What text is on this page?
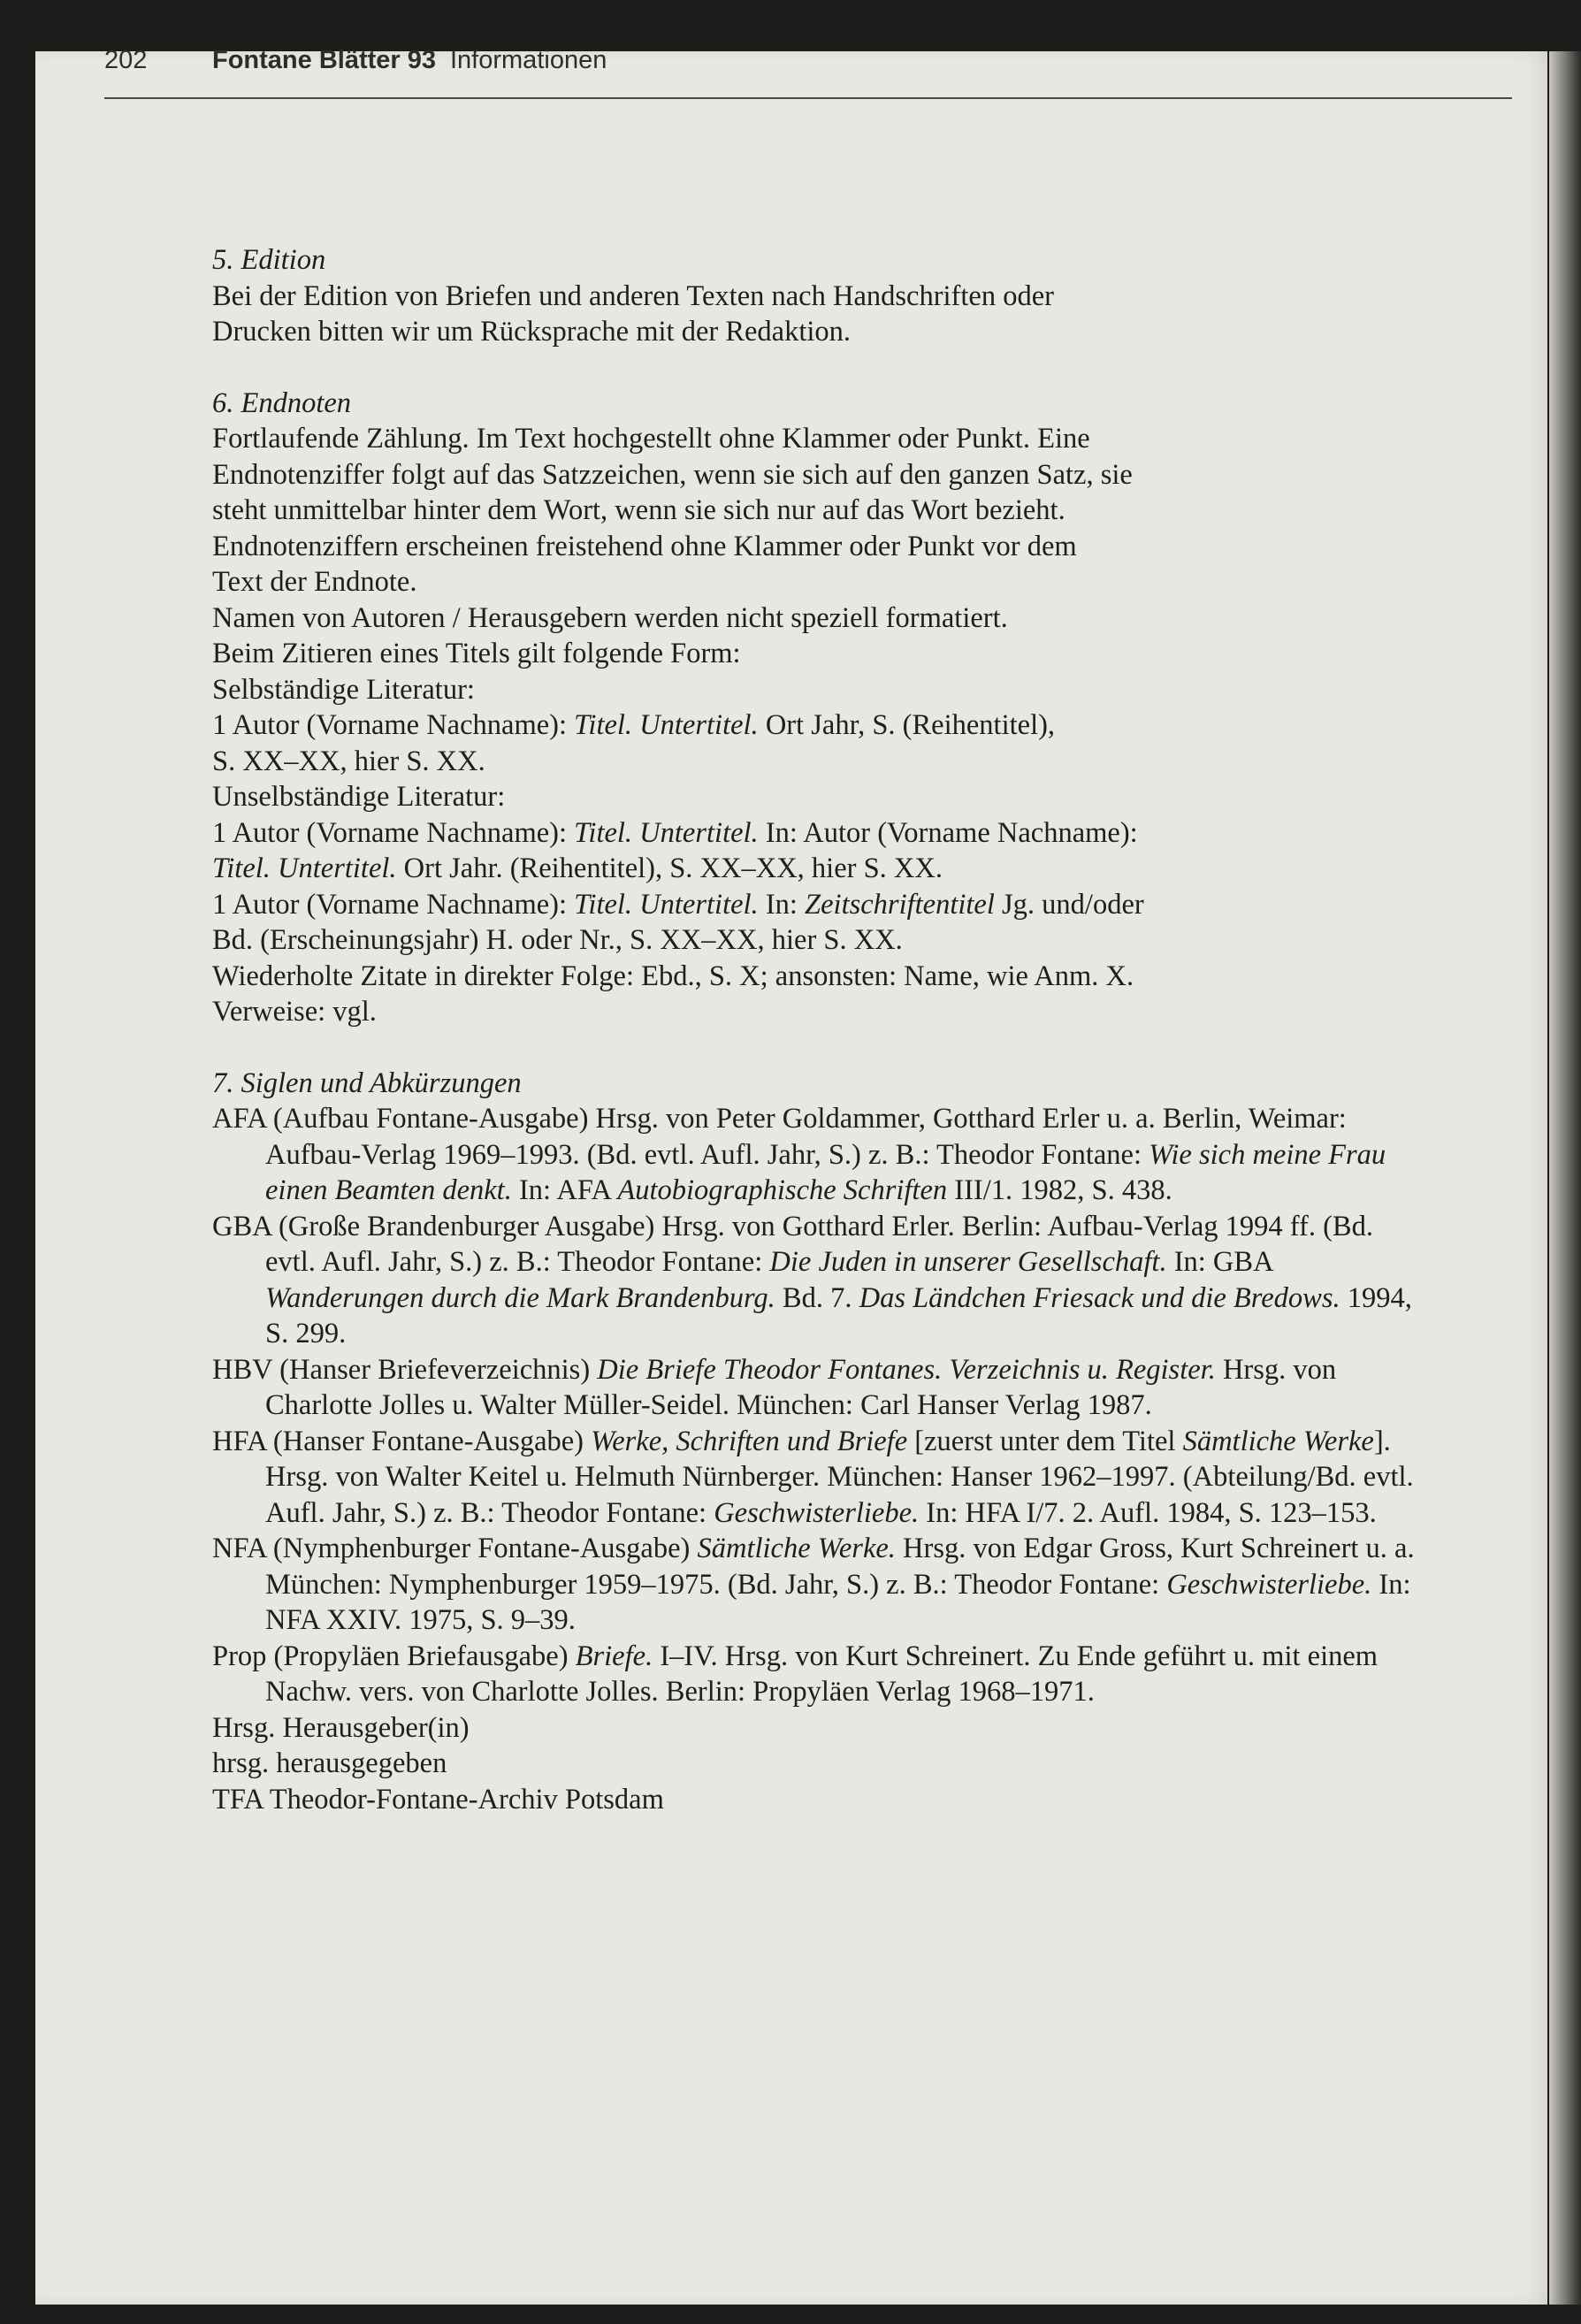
202	Fontane Blätter 93 Informationen

5. Edition

Bei der Edition von Briefen und anderen Texten nach Handschriften oder

Drucken bitten wir um Rücksprache mit der Redaktion.

6. Endnoten

Fortlaufende Zählung. Im Text hochgestellt ohne Klammer oder Punkt. Eine

Endnotenziffer folgt auf das Satzzeichen, wenn sie sich auf den ganzen Satz, sie

steht unmittelbar hinter dem Wort, wenn sie sich nur auf das Wort bezieht.

Endnotenziffern erscheinen freistehend ohne Klammer oder Punkt vor dem

Text der Endnote.

Namen von Autoren / Herausgebern werden nicht speziell formatiert.

Beim Zitieren eines Titels gilt folgende Form:

Selbständige Literatur:

1 Autor (Vorname Nachname): Titel. Untertitel. Ort Jahr, S. (Reihentitel),

S. XX–XX, hier S. XX.

Unselbständige Literatur:

1 Autor (Vorname Nachname): Titel. Untertitel. In: Autor (Vorname Nachname):

Titel. Untertitel. Ort Jahr. (Reihentitel), S. XX–XX, hier S. XX.

1 Autor (Vorname Nachname): Titel. Untertitel. In: Zeitschriftentitel Jg. und/oder

Bd. (Erscheinungsjahr) H. oder Nr., S. XX–XX, hier S. XX.

Wiederholte Zitate in direkter Folge: Ebd., S. X; ansonsten: Name, wie Anm. X.

Verweise: vgl.

7. Siglen und Abkürzungen

AFA (Aufbau Fontane-Ausgabe) Hrsg. von Peter Goldammer, Gotthard Erler u. a. Berlin, Weimar: Aufbau-Verlag 1969–1993. (Bd. evtl. Aufl. Jahr, S.) z. B.: Theodor Fontane: Wie sich meine Frau einen Beamten denkt. In: AFA Autobiographische Schriften III/1. 1982, S. 438.

GBA (Große Brandenburger Ausgabe) Hrsg. von Gotthard Erler. Berlin: Aufbau-Verlag 1994 ff. (Bd. evtl. Aufl. Jahr, S.) z. B.: Theodor Fontane: Die Juden in unserer Gesellschaft. In: GBA Wanderungen durch die Mark Brandenburg. Bd. 7. Das Ländchen Friesack und die Bredows. 1994, S. 299.

HBV (Hanser Briefeverzeichnis) Die Briefe Theodor Fontanes. Verzeichnis u. Register. Hrsg. von Charlotte Jolles u. Walter Müller-Seidel. München: Carl Hanser Verlag 1987.

HFA (Hanser Fontane-Ausgabe) Werke, Schriften und Briefe [zuerst unter dem Titel Sämtliche Werke]. Hrsg. von Walter Keitel u. Helmuth Nürnberger. München: Hanser 1962–1997. (Abteilung/Bd. evtl. Aufl. Jahr, S.) z. B.: Theodor Fontane: Geschwisterliebe. In: HFA I/7. 2. Aufl. 1984, S. 123–153.

NFA (Nymphenburger Fontane-Ausgabe) Sämtliche Werke. Hrsg. von Edgar Gross, Kurt Schreinert u. a. München: Nymphenburger 1959–1975. (Bd. Jahr, S.) z. B.: Theodor Fontane: Geschwisterliebe. In: NFA XXIV. 1975, S. 9–39.

Prop (Propyläen Briefausgabe) Briefe. I–IV. Hrsg. von Kurt Schreinert. Zu Ende geführt u. mit einem Nachw. vers. von Charlotte Jolles. Berlin: Propyläen Verlag 1968–1971.

Hrsg. Herausgeber(in)

hrsg. herausgegeben

TFA Theodor-Fontane-Archiv Potsdam
